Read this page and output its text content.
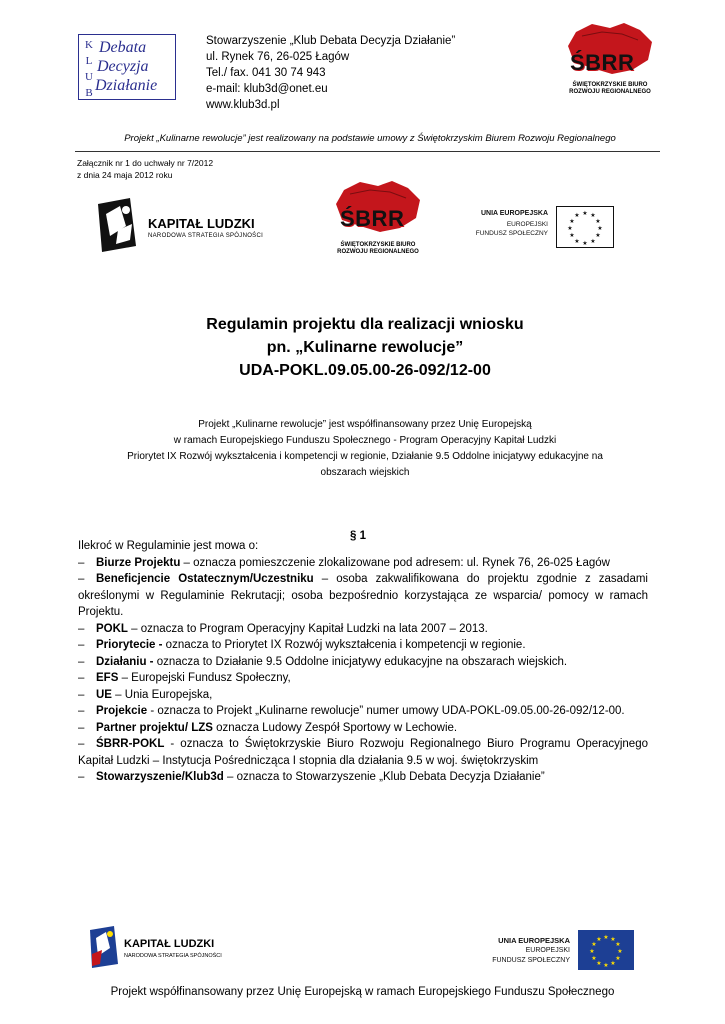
K
L
U
B
Debata
Decyzja
Działanie
Stowarzyszenie „Klub Debata Decyzja Działanie”
ul. Rynek 76, 26-025 Łagów
Tel./ fax. 041 30 74 943
e-mail: klub3d@onet.eu
www.klub3d.pl
ŚBRR
ŚWIĘTOKRZYSKIE BIURO
ROZWOJU REGIONALNEGO
Projekt „Kulinarne rewolucje” jest realizowany na podstawie umowy z Świętokrzyskim Biurem Rozwoju Regionalnego
Załącznik nr 1 do uchwały nr 7/2012
z dnia 24 maja 2012 roku
KAPITAŁ LUDZKI
NARODOWA STRATEGIA SPÓJNOŚCI
ŚBRR
ŚWIĘTOKRZYSKIE BIURO
ROZWOJU REGIONALNEGO
UNIA EUROPEJSKA
EUROPEJSKI
FUNDUSZ SPOŁECZNY
★ ★
★
★
★
★
★
★
★
★
★
★
Regulamin projektu dla realizacji wniosku
pn. „Kulinarne rewolucje”
UDA-POKL.09.05.00-26-092/12-00
Projekt „Kulinarne rewolucje” jest współfinansowany przez Unię Europejską
w ramach Europejskiego Funduszu Społecznego - Program Operacyjny Kapitał Ludzki
Priorytet IX Rozwój wykształcenia i kompetencji w regionie, Działanie 9.5 Oddolne inicjatywy edukacyjne na
obszarach wiejskich
§ 1

Ilekroć w Regulaminie jest mowa o:

– Biurze Projektu – oznacza pomieszczenie zlokalizowane pod adresem: ul. Rynek 76, 26-025 Łagów

– Beneficjencie Ostatecznym/Uczestniku – osoba zakwalifikowana do projektu zgodnie z zasadami określonymi w Regulaminie Rekrutacji; osoba bezpośrednio korzystająca ze wsparcia/ pomocy w ramach Projektu.

– POKL – oznacza to Program Operacyjny Kapitał Ludzki na lata 2007 – 2013.

– Priorytecie - oznacza to Priorytet IX Rozwój wykształcenia i kompetencji w regionie.

– Działaniu - oznacza to Działanie 9.5 Oddolne inicjatywy edukacyjne na obszarach wiejskich.

– EFS – Europejski Fundusz Społeczny,

– UE – Unia Europejska,

– Projekcie - oznacza to Projekt „Kulinarne rewolucje” numer umowy UDA-POKL-09.05.00-26-092/12-00.

– Partner projektu/ LZS oznacza Ludowy Zespół Sportowy w Lechowie.

– ŚBRR-POKL - oznacza to Świętokrzyskie Biuro Rozwoju Regionalnego Biuro Programu Operacyjnego Kapitał Ludzki – Instytucja Pośrednicząca I stopnia dla działania 9.5 w woj. świętokrzyskim

– Stowarzyszenie/Klub3d – oznacza to Stowarzyszenie „Klub Debata Decyzja Działanie”

KAPITAŁ LUDZKI
NARODOWA STRATEGIA SPÓJNOŚCI
UNIA EUROPEJSKA
EUROPEJSKI
FUNDUSZ SPOŁECZNY
★ ★
★
★
★
★
★
★
★
★
★
★
Projekt współfinansowany przez Unię Europejską w ramach Europejskiego Funduszu Społecznego
